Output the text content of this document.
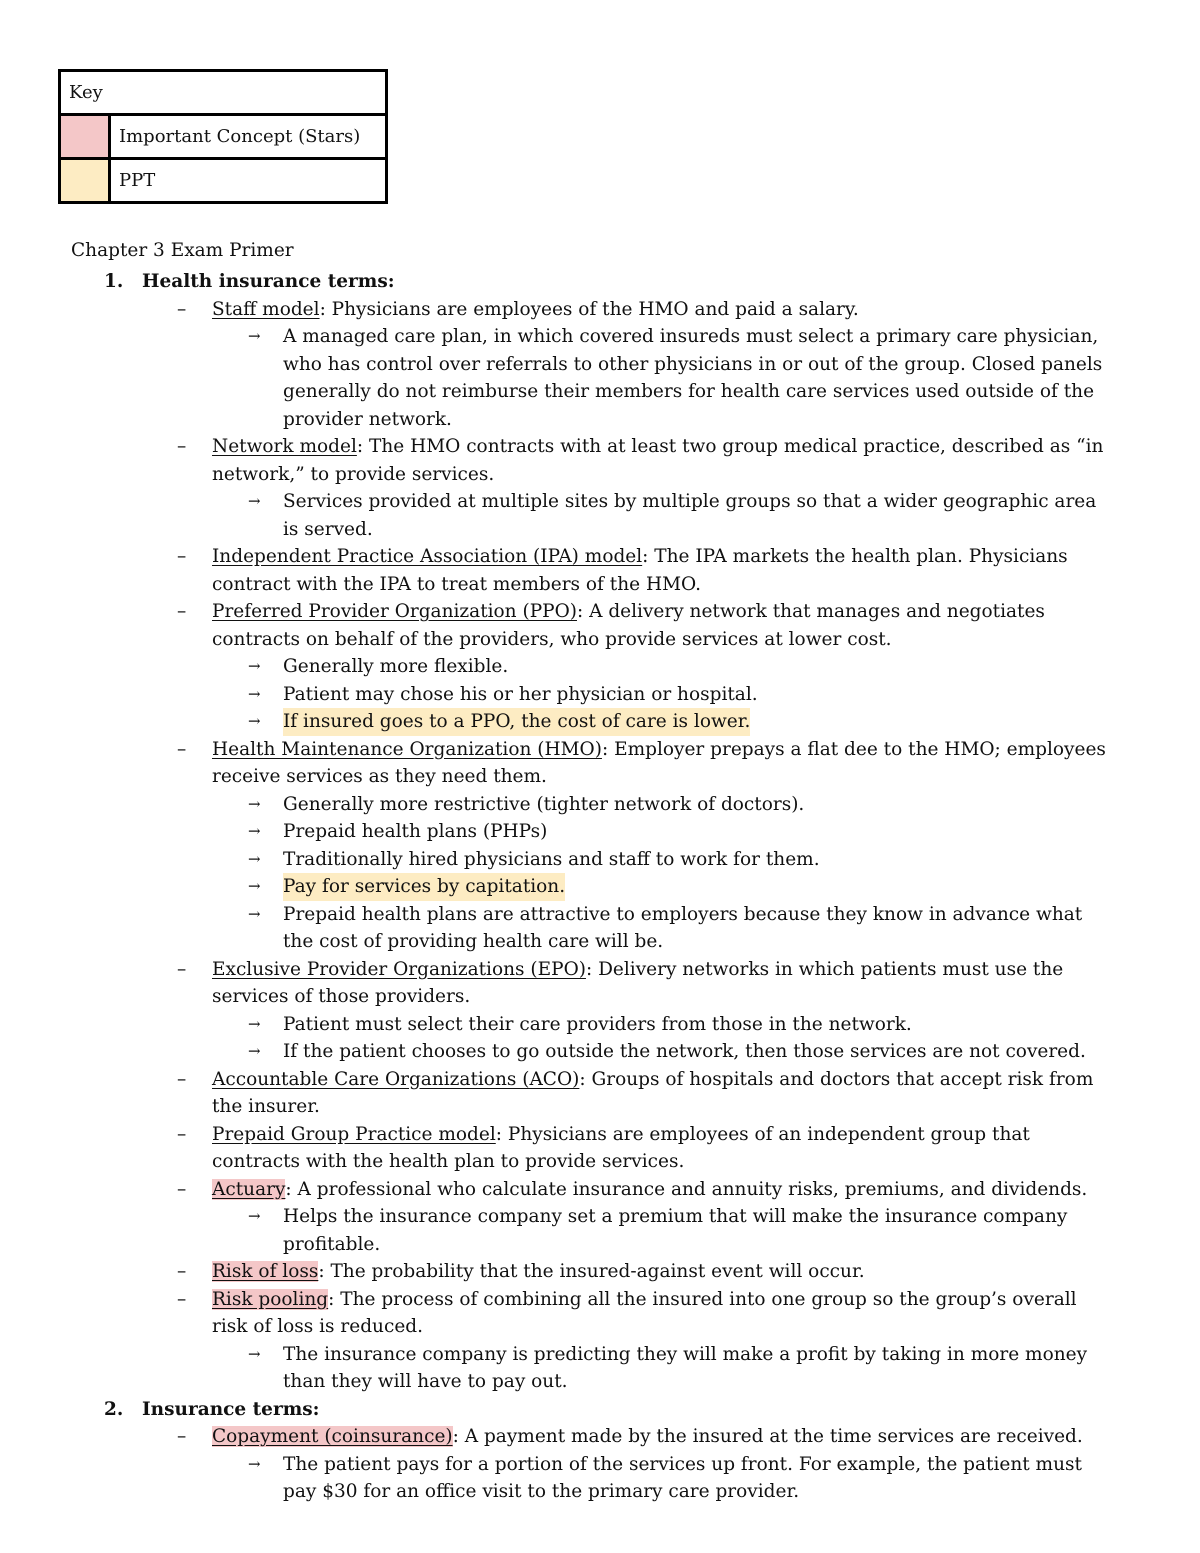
Key	
	Important Concept (Stars)
	PPT
Chapter 3 Exam Primer
1. Health insurance terms:
– Staff model: Physicians are employees of the HMO and paid a salary.
→ A managed care plan, in which covered insureds must select a primary care physician,
who has control over referrals to other physicians in or out of the group. Closed panels
generally do not reimburse their members for health care services used outside of the
provider network.
– Network model: The HMO contracts with at least two group medical practice, described as “in
network,” to provide services.
→ Services provided at multiple sites by multiple groups so that a wider geographic area
is served.
– Independent Practice Association (IPA) model: The IPA markets the health plan. Physicians
contract with the IPA to treat members of the HMO.
– Preferred Provider Organization (PPO): A delivery network that manages and negotiates
contracts on behalf of the providers, who provide services at lower cost.
→ Generally more flexible.
→ Patient may chose his or her physician or hospital.
→ If insured goes to a PPO, the cost of care is lower.
– Health Maintenance Organization (HMO): Employer prepays a flat dee to the HMO; employees
receive services as they need them.
→ Generally more restrictive (tighter network of doctors).
→ Prepaid health plans (PHPs)
→ Traditionally hired physicians and staff to work for them.
→ Pay for services by capitation.
→ Prepaid health plans are attractive to employers because they know in advance what
the cost of providing health care will be.
– Exclusive Provider Organizations (EPO): Delivery networks in which patients must use the
services of those providers.
→ Patient must select their care providers from those in the network.
→ If the patient chooses to go outside the network, then those services are not covered.
– Accountable Care Organizations (ACO): Groups of hospitals and doctors that accept risk from
the insurer.
– Prepaid Group Practice model: Physicians are employees of an independent group that
contracts with the health plan to provide services.
– Actuary: A professional who calculate insurance and annuity risks, premiums, and dividends.
→ Helps the insurance company set a premium that will make the insurance company
profitable.
– Risk of loss: The probability that the insured-against event will occur.
– Risk pooling: The process of combining all the insured into one group so the group’s overall
risk of loss is reduced.
→ The insurance company is predicting they will make a profit by taking in more money
than they will have to pay out.
2. Insurance terms:
– Copayment (coinsurance): A payment made by the insured at the time services are received.
→ The patient pays for a portion of the services up front. For example, the patient must
pay $30 for an office visit to the primary care provider.
